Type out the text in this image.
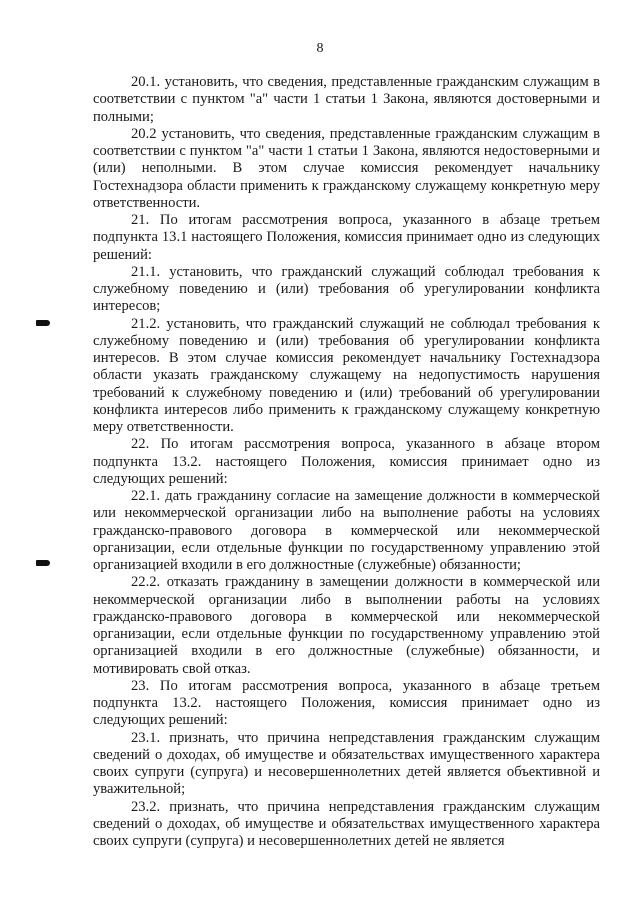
8

20.1. установить, что сведения, представленные гражданским служащим в соответствии с пунктом "а" части 1 статьи 1 Закона, являются достоверными и полными;

20.2 установить, что сведения, представленные гражданским служащим в соответствии с пунктом "а" части 1 статьи 1 Закона, являются недостоверными и (или) неполными. В этом случае комиссия рекомендует начальнику Гостехнадзора области применить к гражданскому служащему конкретную меру ответственности.

21. По итогам рассмотрения вопроса, указанного в абзаце третьем подпункта 13.1 настоящего Положения, комиссия принимает одно из следующих решений:

21.1. установить, что гражданский служащий соблюдал требования к служебному поведению и (или) требования об урегулировании конфликта интересов;

21.2. установить, что гражданский служащий не соблюдал требования к служебному поведению и (или) требования об урегулировании конфликта интересов. В этом случае комиссия рекомендует начальнику Гостехнадзора области указать гражданскому служащему на недопустимость нарушения требований к служебному поведению и (или) требований об урегулировании конфликта интересов либо применить к гражданскому служащему конкретную меру ответственности.

22. По итогам рассмотрения вопроса, указанного в абзаце втором подпункта 13.2. настоящего Положения, комиссия принимает одно из следующих решений:

22.1. дать гражданину согласие на замещение должности в коммерческой или некоммерческой организации либо на выполнение работы на условиях гражданско-правового договора в коммерческой или некоммерческой организации, если отдельные функции по государственному управлению этой организацией входили в его должностные (служебные) обязанности;

22.2. отказать гражданину в замещении должности в коммерческой или некоммерческой организации либо в выполнении работы на условиях гражданско-правового договора в коммерческой или некоммерческой организации, если отдельные функции по государственному управлению этой организацией входили в его должностные (служебные) обязанности, и мотивировать свой отказ.

23. По итогам рассмотрения вопроса, указанного в абзаце третьем подпункта 13.2. настоящего Положения, комиссия принимает одно из следующих решений:

23.1. признать, что причина непредставления гражданским служащим сведений о доходах, об имуществе и обязательствах имущественного характера своих супруги (супруга) и несовершеннолетних детей является объективной и уважительной;

23.2. признать, что причина непредставления гражданским служащим сведений о доходах, об имуществе и обязательствах имущественного характера своих супруги (супруга) и несовершеннолетних детей не является
